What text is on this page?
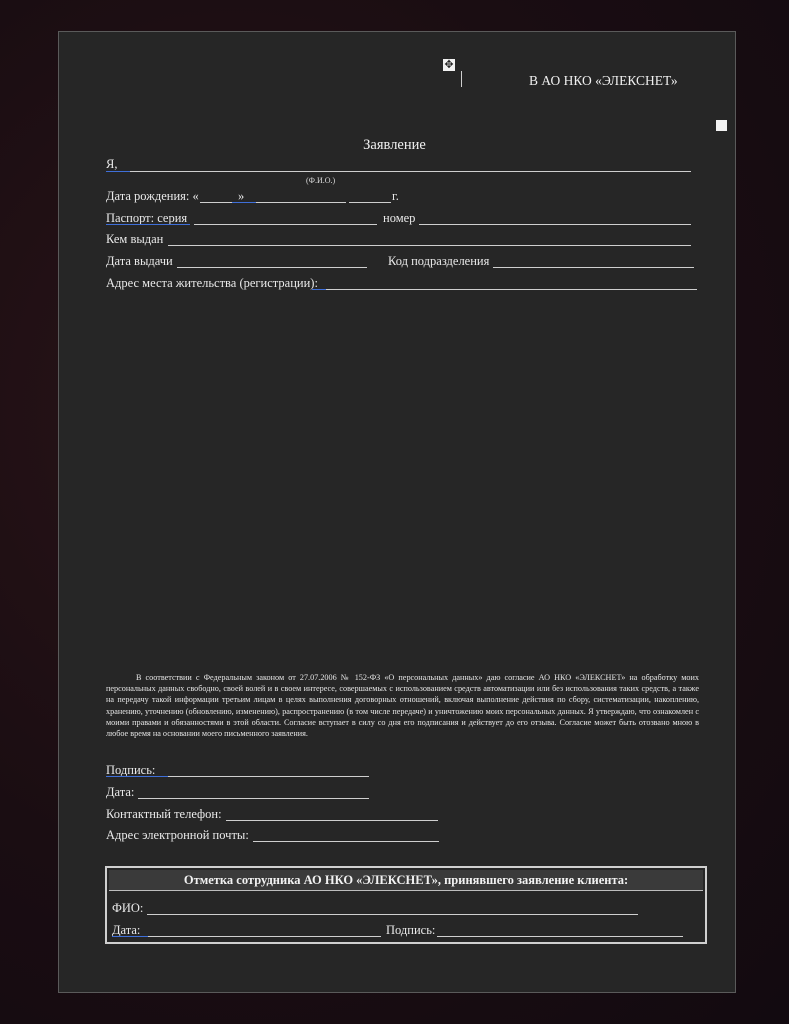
✥
В АО НКО «ЭЛЕКСНЕТ»
Заявление
Я,
(Ф.И.О.)
Дата рождения: «	»	г.
Паспорт: серия	номер
Кем выдан
Дата выдачи	Код подразделения
Адрес места жительства (регистрации):
В соответствии с Федеральным законом от 27.07.2006 № 152-ФЗ «О персональных данных» даю согласие АО НКО «ЭЛЕКСНЕТ» на обработку моих персональных данных свободно, своей волей и в своем интересе, совершаемых с использованием средств автоматизации или без использования таких средств, а также на передачу такой информации третьим лицам в целях выполнения договорных отношений, включая выполнение действия по сбору, систематизации, накоплению, хранению, уточнению (обновлению, изменению), распространению (в том числе передаче) и уничтожению моих персональных данных. Я утверждаю, что ознакомлен с моими правами и обязанностями в этой области. Согласие вступает в силу со дня его подписания и действует до его отзыва. Согласие может быть отозвано мною в любое время на основании моего письменного заявления.
Подпись:
Дата:
Контактный телефон:
Адрес электронной почты:
Отметка сотрудника АО НКО «ЭЛЕКСНЕТ», принявшего заявление клиента:
ФИО:
Дата:	Подпись:
